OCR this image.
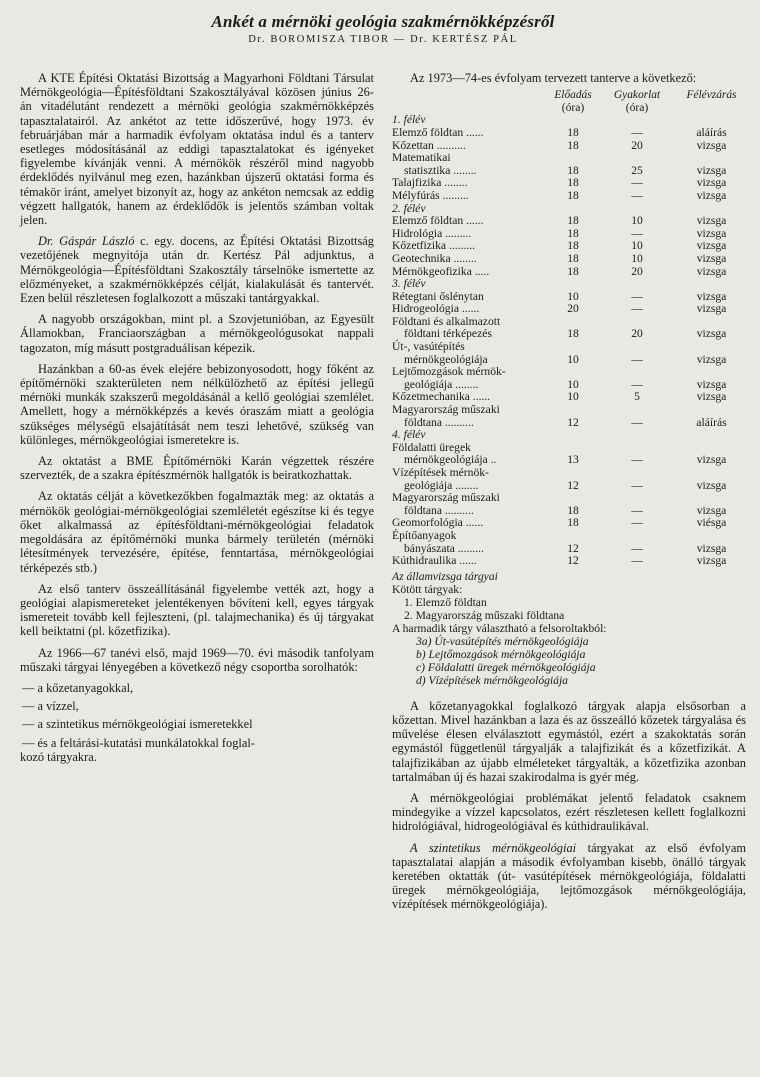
Ankét a mérnöki geológia szakmérnökképzésről
Dr. BOROMISZA TIBOR — Dr. KERTÉSZ PÁL

A KTE Építési Oktatási Bizottság a Magyarhoni Földtani Társulat Mérnökgeológia—Építésföldtani Szakosztályával közösen június 26-án vitadélutánt rendezett a mérnöki geológia szakmérnökképzés tapasztalatairól. Az ankétot az tette időszerűvé, hogy 1973. év februárjában már a harmadik évfolyam oktatása indul és a tanterv esetleges módosításánál az eddigi tapasztalatokat és igényeket figyelembe kívánják venni. A mérnökök részéről mind nagyobb érdeklődés nyilvánul meg ezen, hazánkban újszerű oktatási forma és témakör iránt, amelyet bizonyít az, hogy az ankéton nemcsak az eddig végzett hallgatók, hanem az érdeklődők is jelentős számban voltak jelen.

Dr. Gáspár László c. egy. docens, az Építési Oktatási Bizottság vezetőjének megnyitója után dr. Kertész Pál adjunktus, a Mérnökgeológia—Építésföldtani Szakosztály társelnöke ismertette az előzményeket, a szakmérnökképzés célját, kialakulását és tantervét. Ezen belül részletesen foglalkozott a műszaki tantárgyakkal.

A nagyobb országokban, mint pl. a Szovjetunióban, az Egyesült Államokban, Franciaországban a mérnökgeológusokat nappali tagozaton, míg másutt postgraduálisan képezik.

Hazánkban a 60-as évek elejére bebizonyosodott, hogy főként az építőmérnöki szakterületen nem nélkülözhető az építési jellegű mérnöki munkák szakszerű megoldásánál a kellő geológiai szemlélet. Amellett, hogy a mérnökképzés a kevés óraszám miatt a geológia szükséges mélységű elsajátítását nem teszi lehetővé, szükség van különleges, mérnökgeológiai ismeretekre is.

Az oktatást a BME Építőmérnöki Karán végzettek részére szervezték, de a szakra építészmérnök hallgatók is beiratkozhattak.

Az oktatás célját a következőkben fogalmazták meg: az oktatás a mérnökök geológiai-mérnökgeológiai szemléletét egészítse ki és tegye őket alkalmassá az építésföldtani-mérnökgeológiai feladatok megoldására az építőmérnöki munka bármely területén (mérnöki létesítmények tervezésére, építése, fenntartása, mérnökgeológiai térképezés stb.)

Az első tanterv összeállításánál figyelembe vették azt, hogy a geológiai alapismereteket jelentékenyen bővíteni kell, egyes tárgyak ismereteit tovább kell fejleszteni, (pl. talajmechanika) és új tárgyakat kell beiktatni (pl. kőzetfizika).

Az 1966—67 tanévi első, majd 1969—70. évi második tanfolyam műszaki tárgyai lényegében a következő négy csoportba sorolhatók:

— a kőzetanyagokkal,
— a vízzel,
— a szintetikus mérnökgeológiai ismeretekkel
— és a feltárási-kutatási munkálatokkal foglal-
kozó tárgyakra.

Az 1973—74-es évfolyam tervezett tanterve a következő:

	Előadás	Gyakorlat	Félévzárás
	(óra)	(óra)	
1. félév			
Elemző földtan ......	18	—	aláírás
Kőzettan ..........	18	20	vizsga
Matematikai			
statisztika ........	18	25	vizsga
Talajfizika ........	18	—	vizsga
Mélyfúrás .........	18	—	vizsga
2. félév			
Elemző földtan ......	18	10	vizsga
Hidrológia .........	18	—	vizsga
Kőzetfizika .........	18	10	vizsga
Geotechnika ........	18	10	vizsga
Mérnökgeofizika .....	18	20	vizsga
3. félév			
Rétegtani őslénytan	10	—	vizsga
Hidrogeológia ......	20	—	vizsga
Földtani és alkalmazott			
földtani térképezés	18	20	vizsga
Út-, vasútépítés			
mérnökgeológiája	10	—	vizsga
Lejtőmozgások mérnök-			
geológiája ........	10	—	vizsga
Kőzetmechanika ......	10	5	vizsga
Magyarország műszaki			
földtana ..........	12	—	aláírás
4. félév			
Földalatti üregek			
mérnökgeológiája ..	13	—	vizsga
Vízépítések mérnök-			
geológiája ........	12	—	vizsga
Magyarország műszaki			
földtana ..........	18	—	vizsga
Geomorfológia ......	18	—	viésga
Építőanyagok			
bányászata .........	12	—	vizsga
Kúthidraulika ......	12	—	vizsga
Az államvizsga tárgyai
Kötött tárgyak:
1. Elemző földtan
2. Magyarország műszaki földtana
A harmadik tárgy választható a felsoroltakból:
3a) Út-vasútépítés mérnökgeológiája
b) Lejtőmozgások mérnökgeológiája
c) Földalatti üregek mérnökgeológiája
d) Vízépítések mérnökgeológiája

A kőzetanyagokkal foglalkozó tárgyak alapja elsősorban a kőzettan. Mivel hazánkban a laza és az összeálló kőzetek tárgyalása és művelése élesen elválasztott egymástól, ezért a szakoktatás során egymástól függetlenül tárgyalják a talajfizikát és a kőzetfizikát. A talajfizikában az újabb elméleteket tárgyalták, a kőzetfizika azonban tartalmában új és hazai szakirodalma is gyér még.

A mérnökgeológiai problémákat jelentő feladatok csaknem mindegyike a vízzel kapcsolatos, ezért részletesen kellett foglalkozni hidrológiával, hidrogeológiával és kúthidraulikával.

A szintetikus mérnökgeológiai tárgyakat az első évfolyam tapasztalatai alapján a második évfolyamban kisebb, önálló tárgyak keretében oktatták (út- vasútépítések mérnökgeológiája, földalatti üregek mérnökgeológiája, lejtőmozgások mérnökgeológiája, vízépítések mérnökgeológiája).
